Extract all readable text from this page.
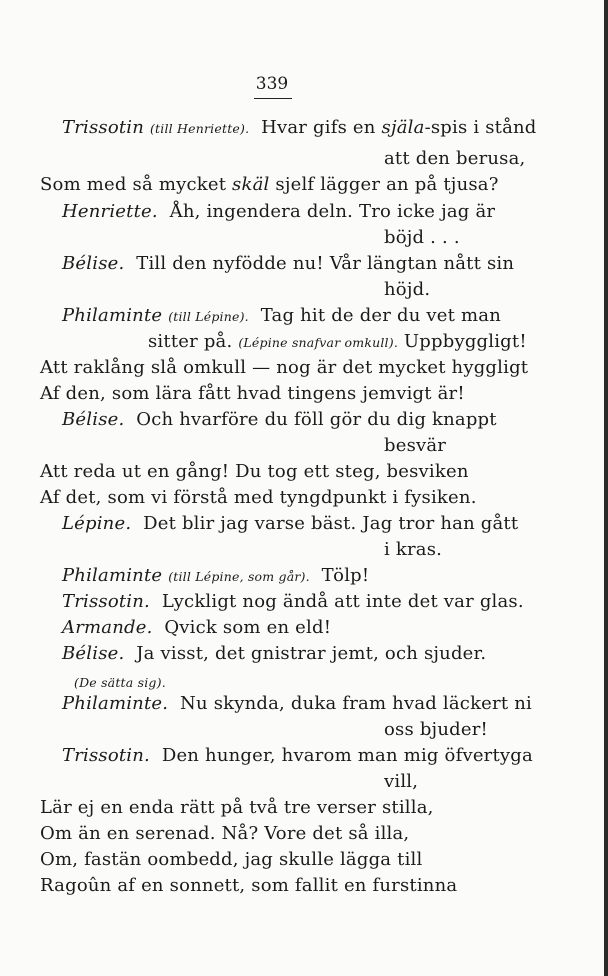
339
Trissotin (till Henriette). Hvar gifs en själa-spis i stånd
att den berusa,
Som med så mycket skäl sjelf lägger an på tjusa?
Henriette. Åh, ingendera deln. Tro icke jag är
böjd . . .
Bélise. Till den nyfödde nu! Vår längtan nått sin
höjd.
Philaminte (till Lépine). Tag hit de der du vet man
sitter på. (Lépine snafvar omkull). Uppbyggligt!
Att raklång slå omkull — nog är det mycket hyggligt
Af den, som lära fått hvad tingens jemvigt är!
Bélise. Och hvarföre du föll gör du dig knappt
besvär
Att reda ut en gång! Du tog ett steg, besviken
Af det, som vi förstå med tyngdpunkt i fysiken.
Lépine. Det blir jag varse bäst. Jag tror han gått
i kras.
Philaminte (till Lépine, som går). Tölp!
Trissotin. Lyckligt nog ändå att inte det var glas.
Armande. Qvick som en eld!
Bélise. Ja visst, det gnistrar jemt, och sjuder.
(De sätta sig).
Philaminte. Nu skynda, duka fram hvad läckert ni
oss bjuder!
Trissotin. Den hunger, hvarom man mig öfvertyga
vill,
Lär ej en enda rätt på två tre verser stilla,
Om än en serenad. Nå? Vore det så illa,
Om, fastän oombedd, jag skulle lägga till
Ragoûn af en sonnett, som fallit en furstinna
